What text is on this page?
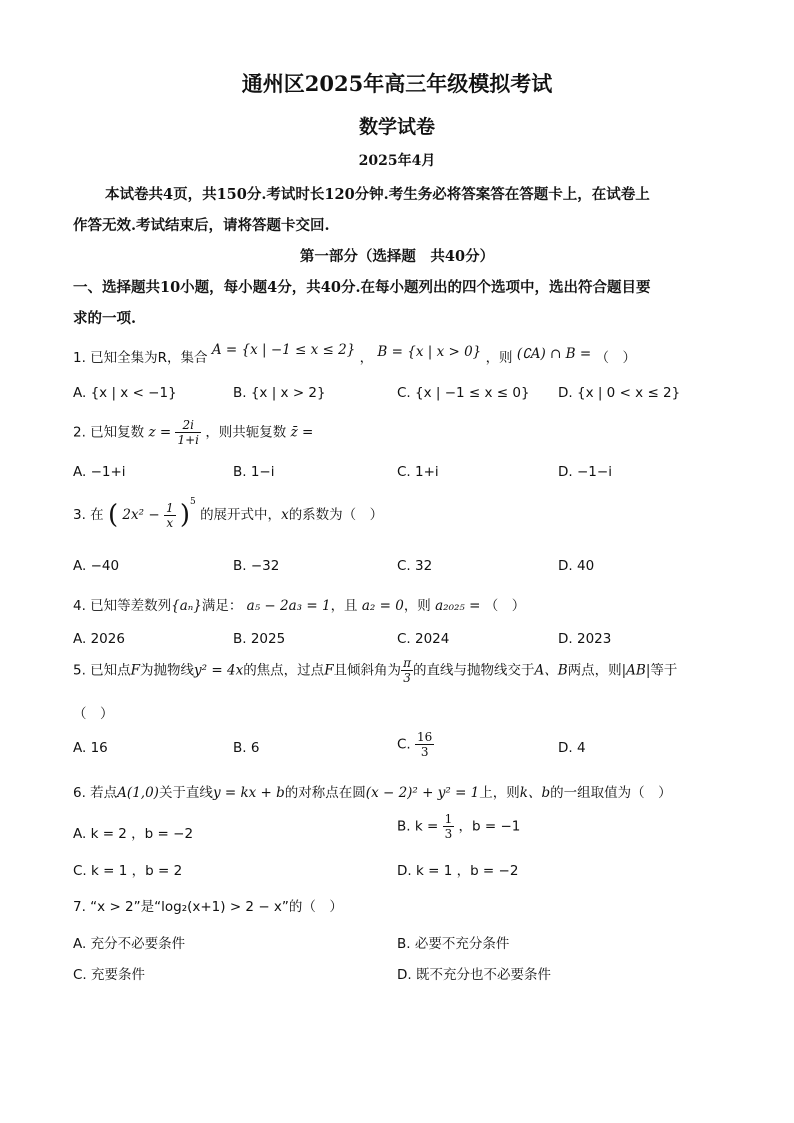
通州区2025年高三年级模拟考试
数学试卷
2025年4月
本试卷共4页，共150分.考试时长120分钟.考生务必将答案答在答题卡上，在试卷上
作答无效.考试结束后，请将答题卡交回.
第一部分（选择题　共40分）
一、选择题共10小题，每小题4分，共40分.在每小题列出的四个选项中，选出符合题目要
求的一项.
1. 已知全集为R，集合 A = {x | −1 ≤ x ≤ 2} ， B = {x | x > 0} ，则 (∁A) ∩ B = （　）
A. {x | x < −1}	B. {x | x > 2}	C. {x | −1 ≤ x ≤ 0} D. {x | 0 < x ≤ 2}
2. 已知复数 $z = \frac{2i}{1+i}$ ，则共轭复数 z̄ =
A. −1+i	B. 1−i	C. 1+i	D. −1−i
3. 在 ( $2x^2 - \frac{1}{x} )^5$ 的展开式中，x的系数为（　）
A. −40	B. −32	C. 32	D. 40
4. 已知等差数列{aₙ}满足： a₅ − 2a₃ = 1，且 a₂ = 0，则 a₂₀₂₅ = （　）
A. 2026	B. 2025	C. 2024	D. 2023
5. 已知点F为抛物线y² = 4x的焦点，过点F且倾斜角为 $\frac{\pi}{3}$ 的直线与抛物线交于A、B两点，则|AB|等于
（　）
A. 16	B. 6	C. $\frac{16}{3}$	D. 4
6. 若点A(1,0)关于直线y = kx + b的对称点在圆(x − 2)² + y² = 1上，则k、b的一组取值为（　）
A. k = 2 ，b = −2	B. $k = \frac{1}{3}$ ，b = −1
C. k = 1 ，b = 2	D. k = 1 ，b = −2
7. “x > 2”是“log₂(x+1) > 2 − x”的（　）
A. 充分不必要条件	B. 必要不充分条件
C. 充要条件	D. 既不充分也不必要条件
